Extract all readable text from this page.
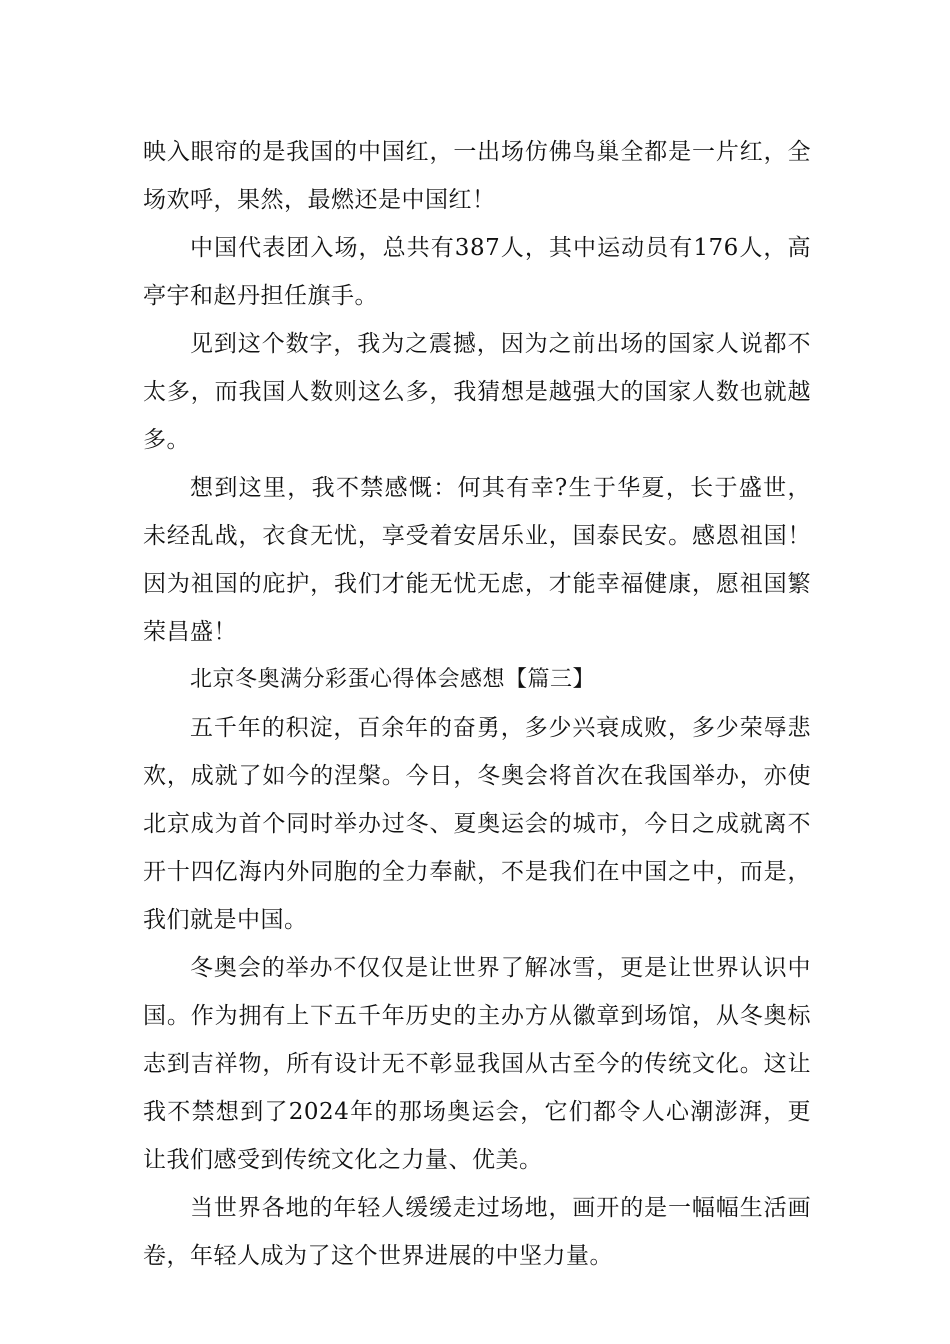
映入眼帘的是我国的中国红，一出场仿佛鸟巢全都是一片红，全场欢呼，果然，最燃还是中国红！

中国代表团入场，总共有387人，其中运动员有176人，高亭宇和赵丹担任旗手。

见到这个数字，我为之震撼，因为之前出场的国家人说都不太多，而我国人数则这么多，我猜想是越强大的国家人数也就越多。

想到这里，我不禁感慨：何其有幸?生于华夏，长于盛世，未经乱战，衣食无忧，享受着安居乐业，国泰民安。感恩祖国！因为祖国的庇护，我们才能无忧无虑，才能幸福健康，愿祖国繁荣昌盛！

北京冬奥满分彩蛋心得体会感想【篇三】

五千年的积淀，百余年的奋勇，多少兴衰成败，多少荣辱悲欢，成就了如今的涅槃。今日，冬奥会将首次在我国举办，亦使北京成为首个同时举办过冬、夏奥运会的城市，今日之成就离不开十四亿海内外同胞的全力奉献，不是我们在中国之中，而是，我们就是中国。

冬奥会的举办不仅仅是让世界了解冰雪，更是让世界认识中国。作为拥有上下五千年历史的主办方从徽章到场馆，从冬奥标志到吉祥物，所有设计无不彰显我国从古至今的传统文化。这让我不禁想到了2024年的那场奥运会，它们都令人心潮澎湃，更让我们感受到传统文化之力量、优美。

当世界各地的年轻人缓缓走过场地，画开的是一幅幅生活画卷，年轻人成为了这个世界进展的中坚力量。
